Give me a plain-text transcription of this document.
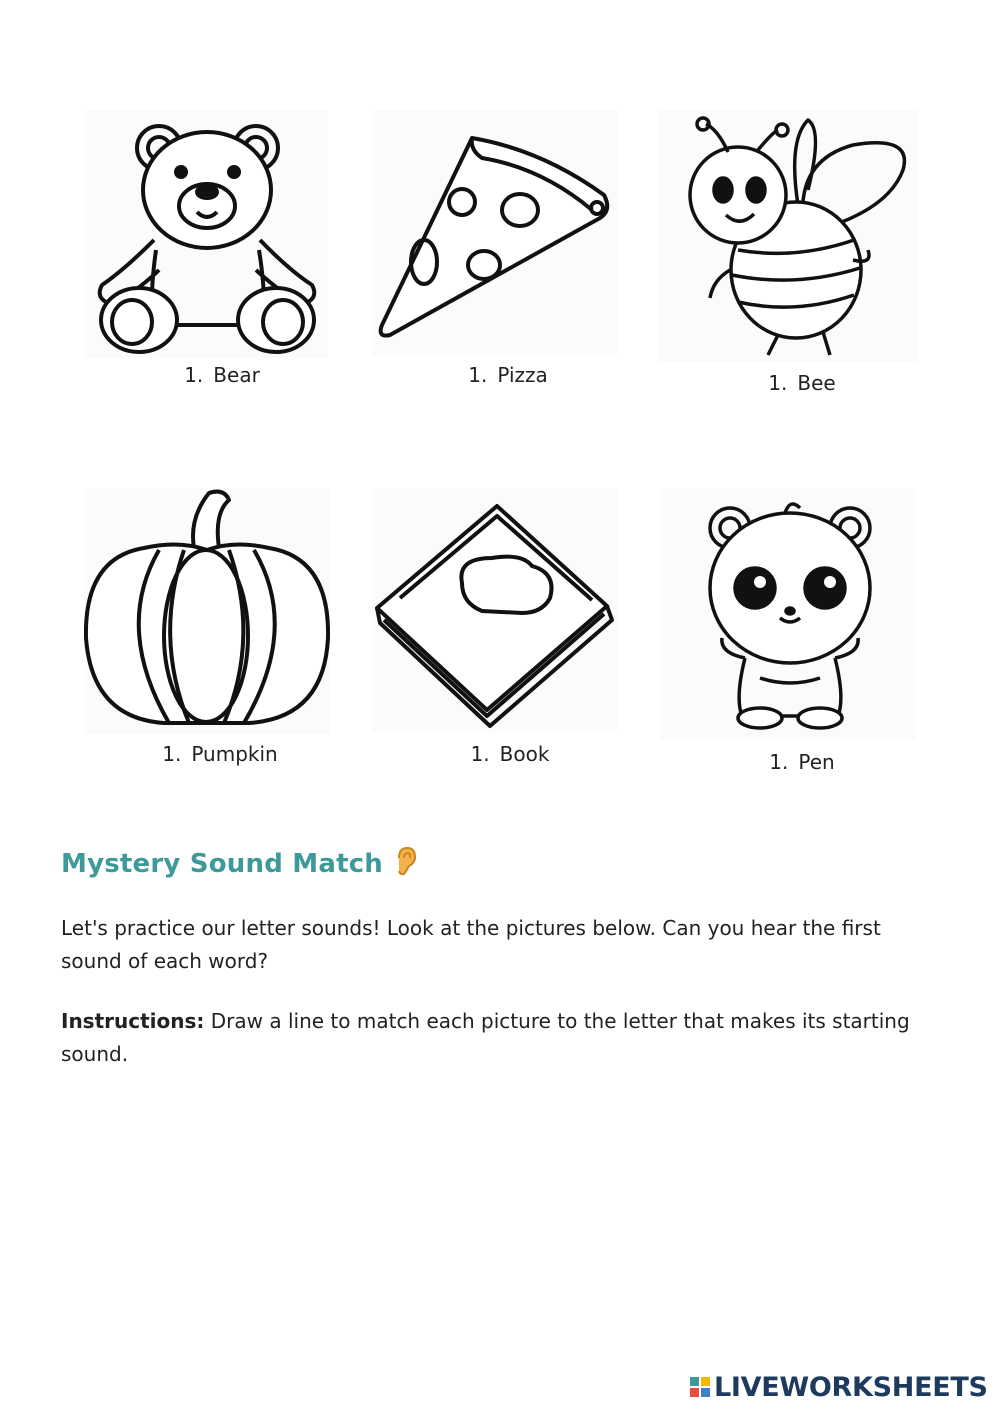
1. Bear	1. Pizza	1. Bee
1. Pumpkin	1. Book	1. Pen
Mystery Sound Match
Let's practice our letter sounds! Look at the pictures below. Can you hear the first sound of each word?
Instructions: Draw a line to match each picture to the letter that makes its starting sound.
LIVEWORKSHEETS
